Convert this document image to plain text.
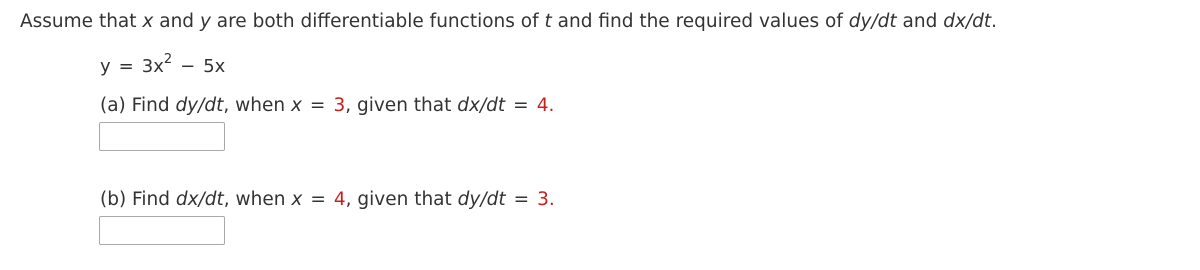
Assume that x and y are both differentiable functions of t and find the required values of dy/dt and dx/dt.
$y = 3x^2 - 5x$
(a) Find dy/dt, when x = 3, given that dx/dt = 4.
(b) Find dx/dt, when x = 4, given that dy/dt = 3.
